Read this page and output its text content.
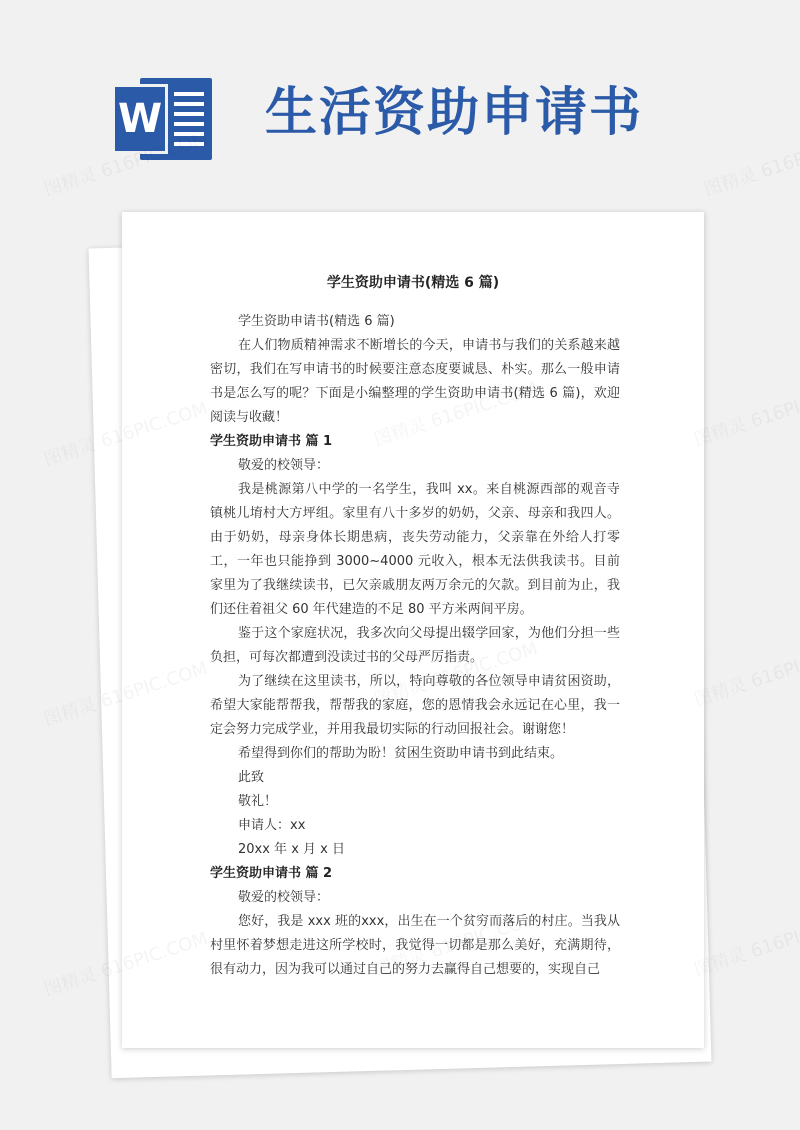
W 生活资助申请书
学生资助申请书(精选 6 篇)

学生资助申请书(精选 6 篇)

在人们物质精神需求不断增长的今天，申请书与我们的关系越来越密切，我们在写申请书的时候要注意态度要诚恳、朴实。那么一般申请书是怎么写的呢？下面是小编整理的学生资助申请书(精选 6 篇)，欢迎阅读与收藏！

学生资助申请书 篇 1

敬爱的校领导：

我是桃源第八中学的一名学生，我叫 xx。来自桃源西部的观音寺镇桃儿堉村大方坪组。家里有八十多岁的奶奶，父亲、母亲和我四人。由于奶奶，母亲身体长期患病，丧失劳动能力，父亲靠在外给人打零工，一年也只能挣到 3000~4000 元收入，根本无法供我读书。目前家里为了我继续读书，已欠亲戚朋友两万余元的欠款。到目前为止，我们还住着祖父 60 年代建造的不足 80 平方米两间平房。

鉴于这个家庭状况，我多次向父母提出辍学回家，为他们分担一些负担，可每次都遭到没读过书的父母严厉指责。

为了继续在这里读书，所以，特向尊敬的各位领导申请贫困资助，希望大家能帮帮我，帮帮我的家庭，您的恩情我会永远记在心里，我一定会努力完成学业，并用我最切实际的行动回报社会。谢谢您！

希望得到你们的帮助为盼！贫困生资助申请书到此结束。

此致

敬礼！

申请人：xx

20xx 年 x 月 x 日

学生资助申请书 篇 2

敬爱的校领导：

您好，我是 xxx 班的xxx，出生在一个贫穷而落后的村庄。当我从村里怀着梦想走进这所学校时，我觉得一切都是那么美好，充满期待，很有动力，因为我可以通过自己的努力去赢得自己想要的，实现自己
